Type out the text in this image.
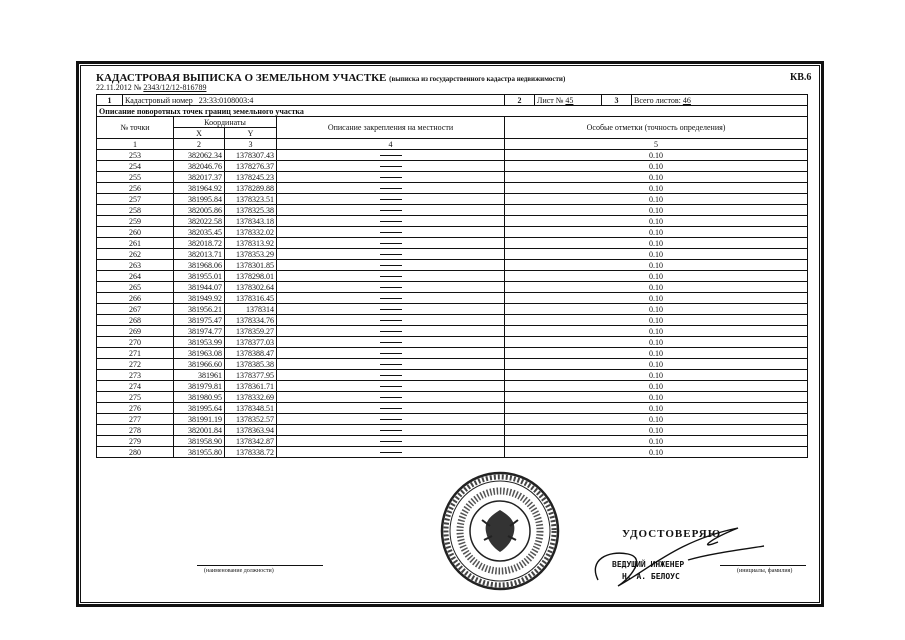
КАДАСТРОВАЯ ВЫПИСКА О ЗЕМЕЛЬНОМ УЧАСТКЕ (выписка из государственного кадастра недвижимости)	КВ.6
22.11.2012 № 2343/12/12-816789
1	Кадастровый номер 23:33:0108003:4				2	Лист № 45	3	Всего листов: 46
Описание поворотных точек границ земельного участка								
№ точки		Координаты		Описание закрепления на местности	Особые отметки (точность определения)			
		X	Y					
1		2	3	4	5			
253		382062.34	1378307.43		0.10			
254		382046.76	1378276.37		0.10			
255		382017.37	1378245.23		0.10			
256		381964.92	1378289.88		0.10			
257		381995.84	1378323.51		0.10			
258		382005.86	1378325.38		0.10			
259		382022.58	1378343.18		0.10			
260		382035.45	1378332.02		0.10			
261		382018.72	1378313.92		0.10			
262		382013.71	1378353.29		0.10			
263		381968.06	1378301.85		0.10			
264		381955.01	1378298.01		0.10			
265		381944.07	1378302.64		0.10			
266		381949.92	1378316.45		0.10			
267		381956.21	1378314		0.10			
268		381975.47	1378334.76		0.10			
269		381974.77	1378359.27		0.10			
270		381953.99	1378377.03		0.10			
271		381963.08	1378388.47		0.10			
272		381966.60	1378385.38		0.10			
273		381961	1378377.95		0.10			
274		381979.81	1378361.71		0.10			
275		381980.95	1378332.69		0.10			
276		381995.64	1378348.51		0.10			
277		381991.19	1378352.57		0.10			
278		382001.84	1378363.94		0.10			
279		381958.90	1378342.87		0.10			
280		381955.80	1378338.72		0.10			
УДОСТОВЕРЯЮ
ВЕДУЩИЙ ИНЖЕНЕР
Н. А. БЕЛОУС
(наименование должности)	(инициалы, фамилия)
